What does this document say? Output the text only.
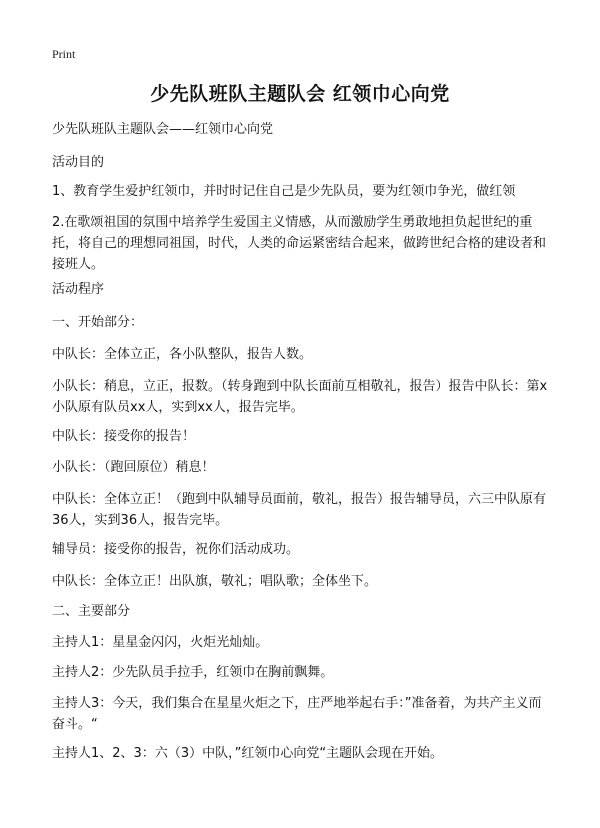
Print
少先队班队主题队会 红领巾心向党

少先队班队主题队会——红领巾心向党

活动目的

1、教育学生爱护红领巾，并时时记住自己是少先队员，要为红领巾争光，做红领

2.在歌颂祖国的氛围中培养学生爱国主义情感，从而激励学生勇敢地担负起世纪的重托，将自己的理想同祖国，时代，人类的命运紧密结合起来，做跨世纪合格的建设者和接班人。

活动程序

一、开始部分：

中队长：全体立正，各小队整队，报告人数。

小队长：稍息，立正，报数。（转身跑到中队长面前互相敬礼，报告）报告中队长：第x小队原有队员xx人，实到xx人，报告完毕。

中队长：接受你的报告！

小队长：（跑回原位）稍息！

中队长：全体立正！（跑到中队辅导员面前，敬礼，报告）报告辅导员，六三中队原有36人，实到36人，报告完毕。

辅导员：接受你的报告，祝你们活动成功。

中队长：全体立正！出队旗，敬礼；唱队歌；全体坐下。

二、主要部分

主持人1：星星金闪闪，火炬光灿灿。

主持人2：少先队员手拉手，红领巾在胸前飘舞。

主持人3：今天，我们集合在星星火炬之下，庄严地举起右手：”准备着，为共产主义而奋斗。“

主持人1、2、3：六（3）中队，”红领巾心向党“主题队会现在开始。
